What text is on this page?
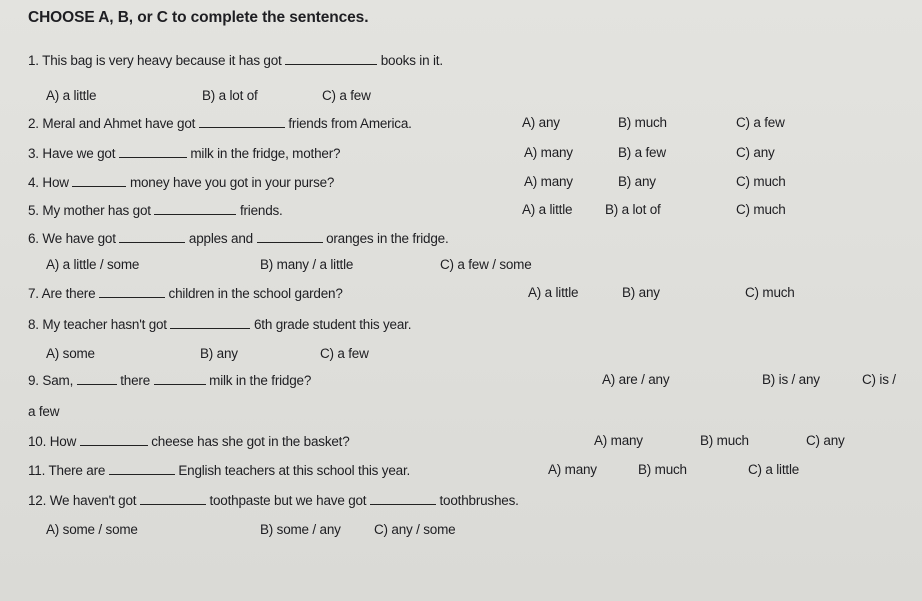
CHOOSE A, B, or C to complete the sentences.
1. This bag is very heavy because it has got	books in it.
A) a little	B) a lot of	C) a few
2. Meral and Ahmet have got	friends from America.	A) any	B) much	C) a few
3. Have we got	milk in the fridge, mother?	A) many	B) a few	C) any
4. How	money have you got in your purse?	A) many	B) any	C) much
5. My mother has got	friends.	A) a little B) a lot of	C) much
6. We have got	apples and	oranges in the fridge.
A) a little / some	B) many / a little	C) a few / some
7. Are there	children in the school garden?	A) a little	B) any	C) much
8. My teacher hasn't got	6th grade student this year.
A) some	B) any	C) a few
9. Sam,	there	milk in the fridge?	A) are / any	B) is / any	C) is /
a few
10. How	cheese has she got in the basket?	A) many	B) much	C) any
11. There are	English teachers at this school this year.	A) many	B) much	C) a little
12. We haven't got	toothpaste but we have got	toothbrushes.
A) some / some	B) some / any C) any / some
